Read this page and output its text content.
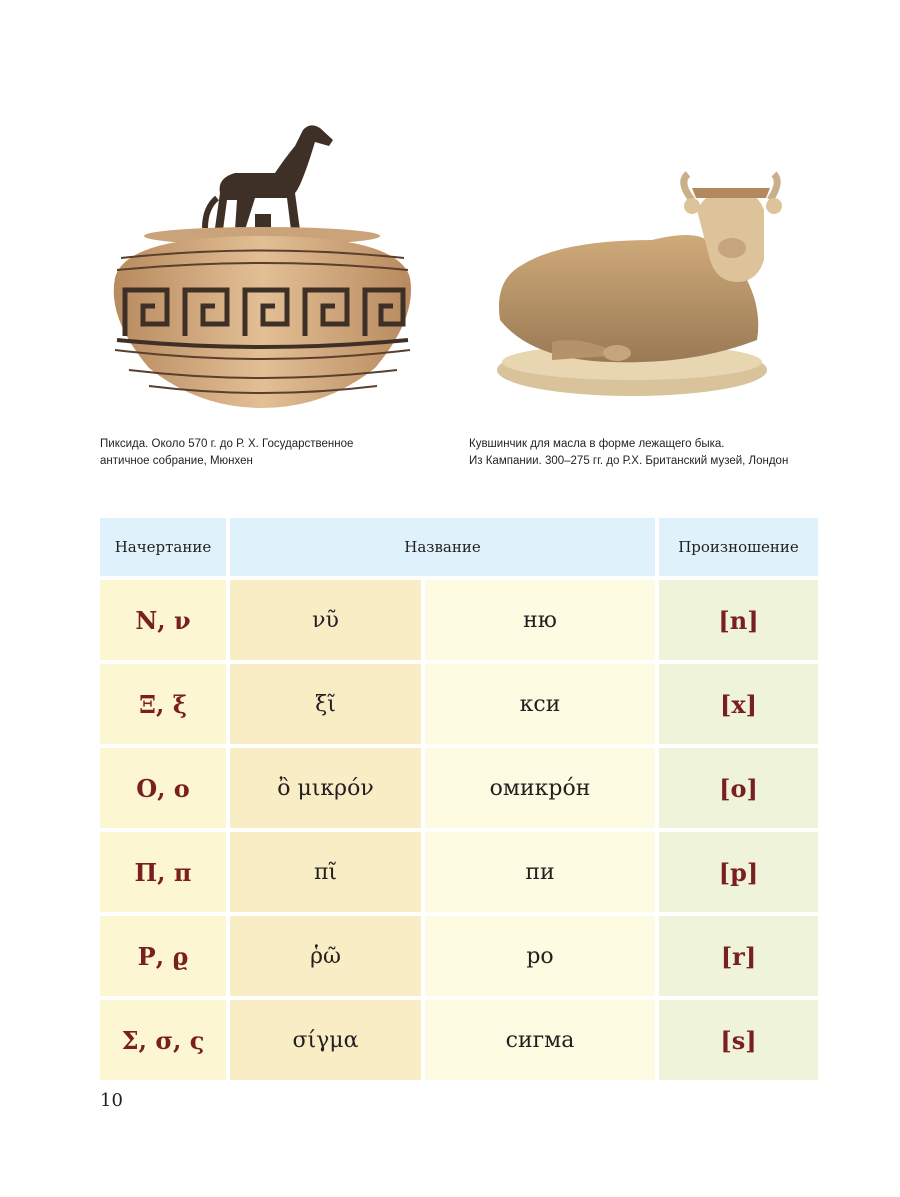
Пиксида. Около 570 г. до Р. Х. Государственное
античное собрание, Мюнхен
Кувшинчик для масла в форме лежащего быка.
Из Кампании. 300–275 гг. до Р.Х. Британский музей, Лондон
Начертание	Название		Произношение
Ν, ν	νῦ	ню	[n]
Ξ, ξ	ξῖ	кси	[x]
Ο, ο	ὂ μικρόν	омикро́н	[o]
Π, π	πῖ	пи	[p]
Ρ, ϱ	ῥῶ	ро	[r]
Σ, σ, ς	σίγμα	сигма	[s]
10
